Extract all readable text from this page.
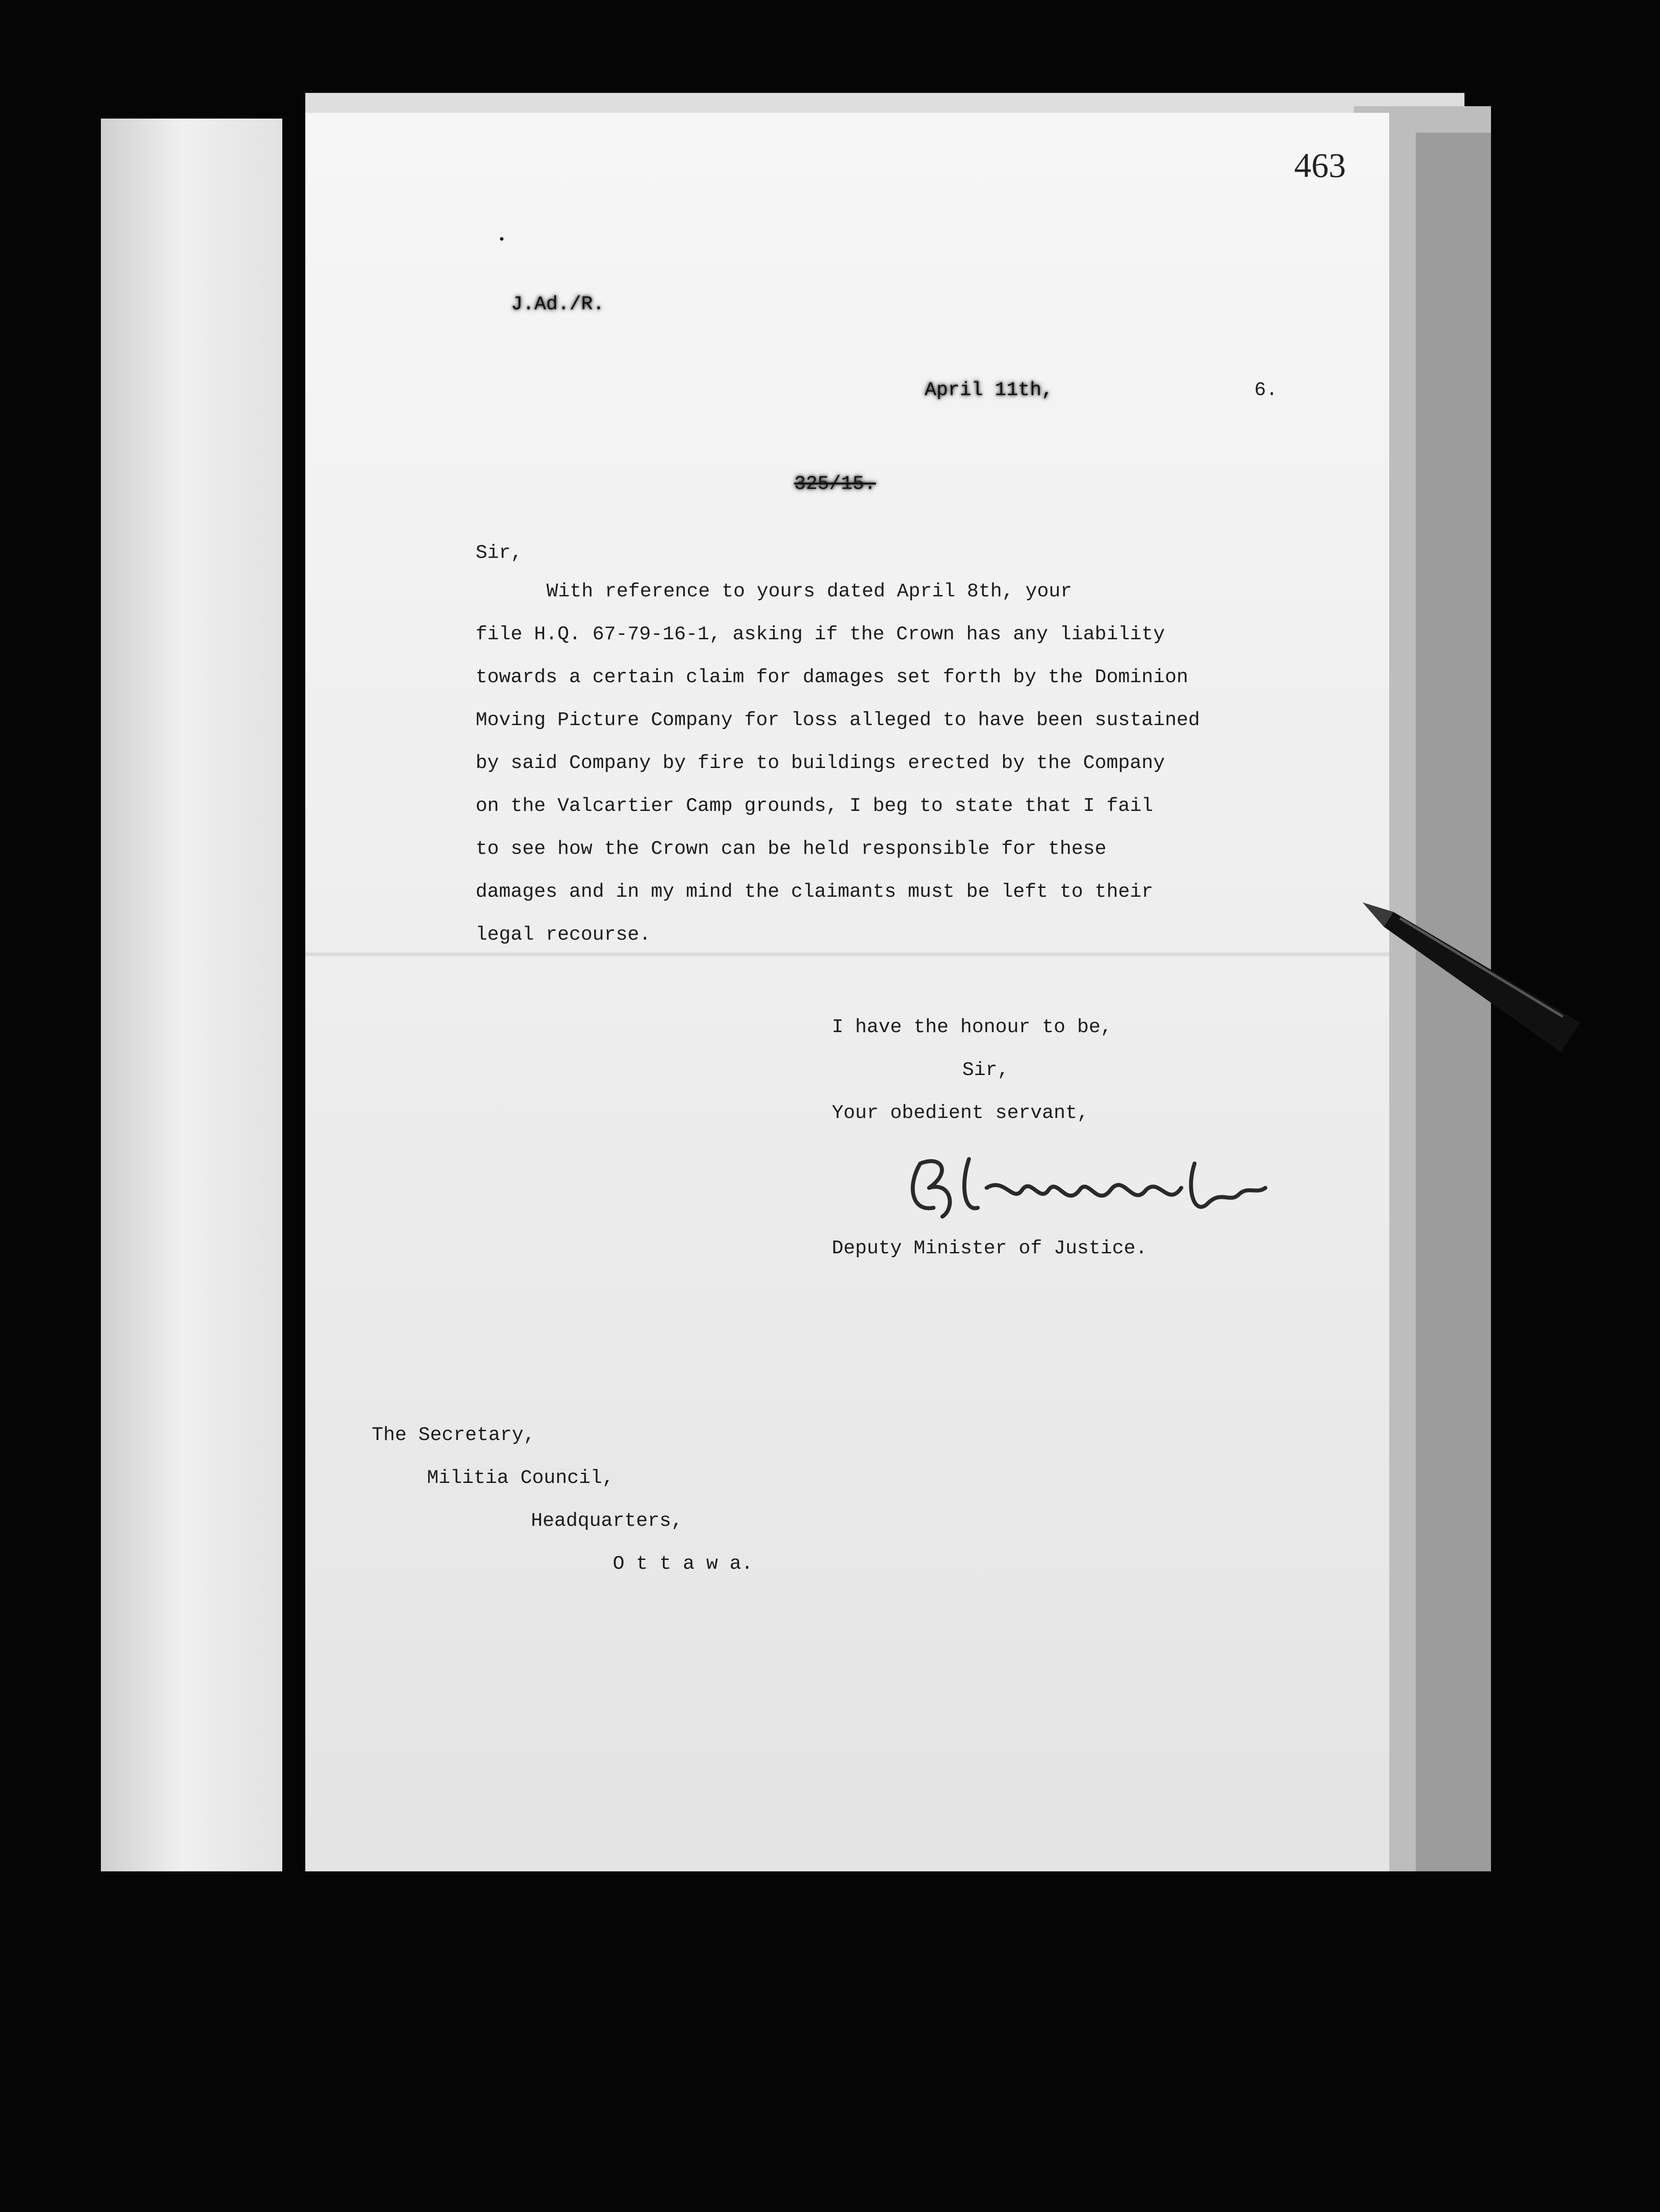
463
•
J.Ad./R.
April 11th,	6.
325/15.
Sir,
With reference to yours dated April 8th, your
file H.Q. 67-79-16-1, asking if the Crown has any liability
towards a certain claim for damages set forth by the Dominion
Moving Picture Company for loss alleged to have been sustained
by said Company by fire to buildings erected by the Company
on the Valcartier Camp grounds, I beg to state that I fail
to see how the Crown can be held responsible for these
damages and in my mind the claimants must be left to their
legal recourse.
I have the honour to be,
Sir,
Your obedient servant,
Deputy Minister of Justice.
The Secretary,
Militia Council,
Headquarters,
O t t a w a.
